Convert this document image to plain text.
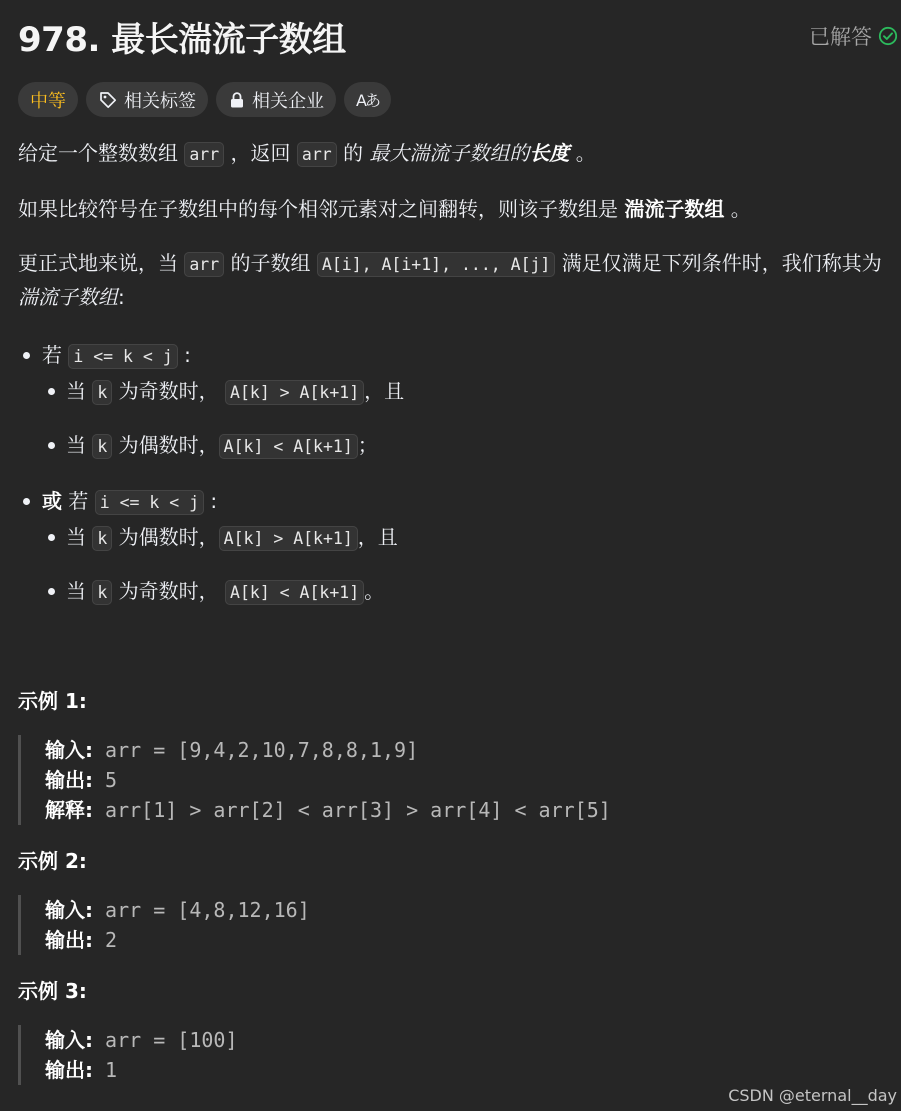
978. 最长湍流子数组	已解答
中等	相关标签	相关企业 Aあ

给定一个整数数组 arr ，返回 arr 的 最大湍流子数组的长度 。

如果比较符号在子数组中的每个相邻元素对之间翻转，则该子数组是 湍流子数组 。

更正式地来说，当 arr 的子数组 A[i], A[i+1], ..., A[j] 满足仅满足下列条件时，我们称其为湍流子数组:

若 i <= k < j :
当 k 为奇数时， A[k] > A[k+1] ，且
当 k 为偶数时， A[k] < A[k+1] ；
或 若 i <= k < j :
当 k 为偶数时， A[k] > A[k+1] ，且
当 k 为奇数时， A[k] < A[k+1] 。
示例 1:
输入: arr = [9,4,2,10,7,8,8,1,9]
输出: 5
解释: arr[1] > arr[2] < arr[3] > arr[4] < arr[5]
示例 2:
输入: arr = [4,8,12,16]
输出: 2
示例 3:
输入: arr = [100]
输出: 1
CSDN @eternal__day
